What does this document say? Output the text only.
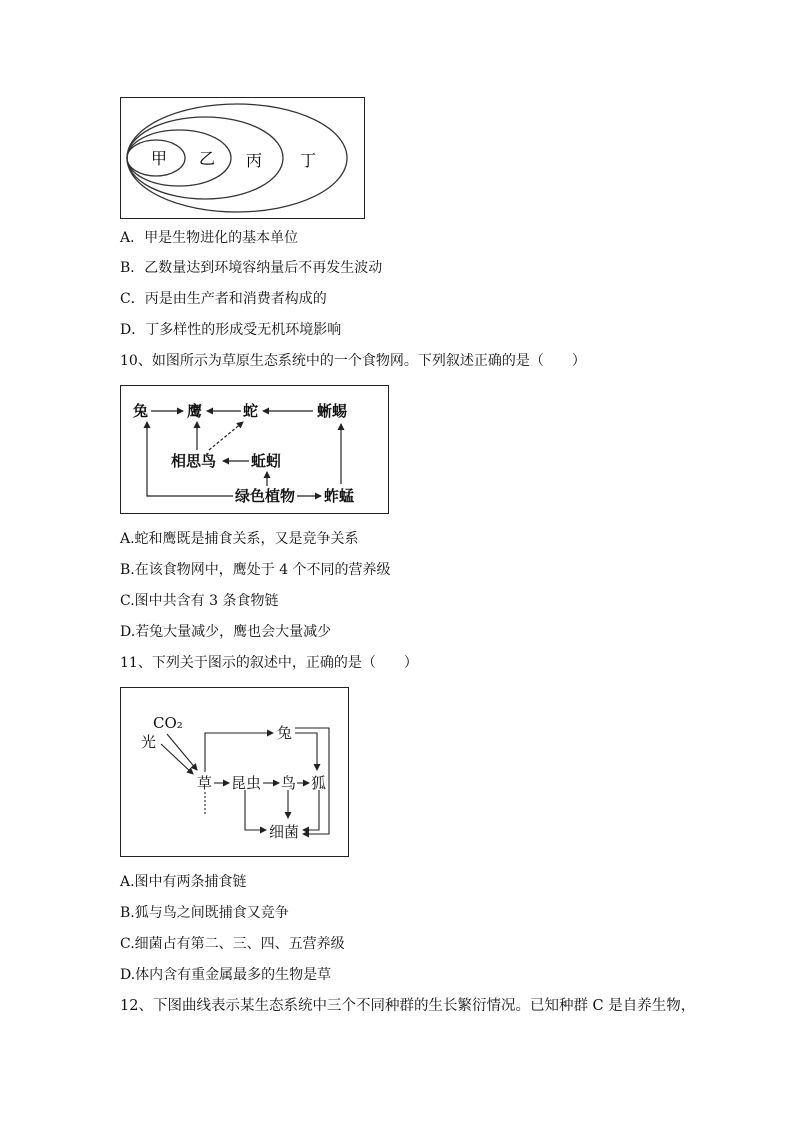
甲 乙 丙 丁
A．甲是生物进化的基本单位
B．乙数量达到环境容纳量后不再发生波动
C．丙是由生产者和消费者构成的
D．丁多样性的形成受无机环境影响
10、如图所示为草原生态系统中的一个食物网。下列叙述正确的是（　　）
兔	鹰	蛇	蜥蜴
相思鸟 蚯蚓
绿色植物 蚱蜢
A.蛇和鹰既是捕食关系，又是竞争关系
B.在该食物网中，鹰处于 4 个不同的营养级
C.图中共含有 3 条食物链
D.若兔大量减少，鹰也会大量减少
11、下列关于图示的叙述中，正确的是（　　）
CO₂
光
草
兔
昆虫 鸟 狐
细菌
A.图中有两条捕食链
B.狐与鸟之间既捕食又竞争
C.细菌占有第二、三、四、五营养级
D.体内含有重金属最多的生物是草
12、下图曲线表示某生态系统中三个不同种群的生长繁衍情况。已知种群 C 是自养生物，
